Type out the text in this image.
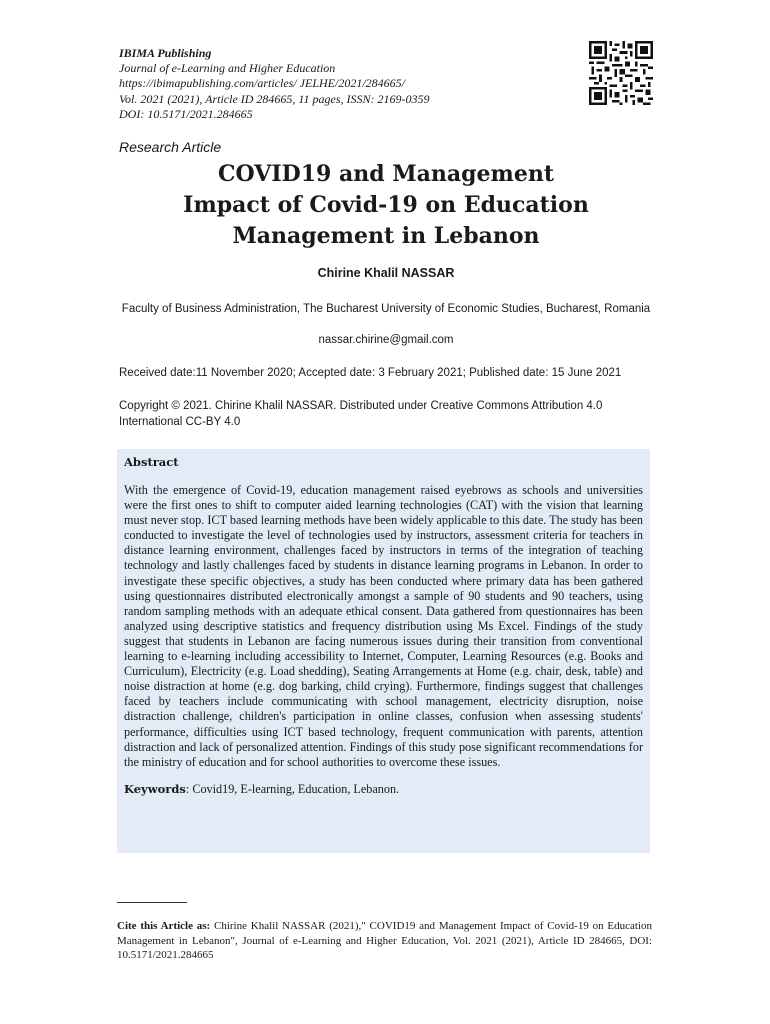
IBIMA Publishing
Journal of e-Learning and Higher Education
https://ibimapublishing.com/articles/ JELHE/2021/284665/
Vol. 2021 (2021), Article ID 284665, 11 pages, ISSN: 2169-0359
DOI: 10.5171/2021.284665
Research Article
COVID19 and Management
Impact of Covid-19 on Education
Management in Lebanon
Chirine Khalil NASSAR
Faculty of Business Administration, The Bucharest University of Economic Studies, Bucharest, Romania
nassar.chirine@gmail.com
Received date:11 November 2020; Accepted date: 3 February 2021; Published date: 15 June 2021
Copyright © 2021. Chirine Khalil NASSAR. Distributed under Creative Commons Attribution 4.0 International CC-BY 4.0
Abstract

With the emergence of Covid-19, education management raised eyebrows as schools and universities were the first ones to shift to computer aided learning technologies (CAT) with the vision that learning must never stop. ICT based learning methods have been widely applicable to this date. The study has been conducted to investigate the level of technologies used by instructors, assessment criteria for teachers in distance learning environment, challenges faced by instructors in terms of the integration of teaching technology and lastly challenges faced by students in distance learning programs in Lebanon. In order to investigate these specific objectives, a study has been conducted where primary data has been gathered using questionnaires distributed electronically amongst a sample of 90 students and 90 teachers, using random sampling methods with an adequate ethical consent. Data gathered from questionnaires has been analyzed using descriptive statistics and frequency distribution using Ms Excel. Findings of the study suggest that students in Lebanon are facing numerous issues during their transition from conventional learning to e-learning including accessibility to Internet, Computer, Learning Resources (e.g. Books and Curriculum), Electricity (e.g. Load shedding), Seating Arrangements at Home (e.g. chair, desk, table) and noise distraction at home (e.g. dog barking, child crying). Furthermore, findings suggest that challenges faced by teachers include communicating with school management, electricity disruption, noise distraction challenge, children's participation in online classes, confusion when assessing students' performance, difficulties using ICT based technology, frequent communication with parents, attention distraction and lack of personalized attention. Findings of this study pose significant recommendations for the ministry of education and for school authorities to overcome these issues.

Keywords: Covid19, E-learning, Education, Lebanon.
Cite this Article as: Chirine Khalil NASSAR (2021)," COVID19 and Management Impact of Covid-19 on Education Management in Lebanon", Journal of e-Learning and Higher Education, Vol. 2021 (2021), Article ID 284665, DOI: 10.5171/2021.284665
